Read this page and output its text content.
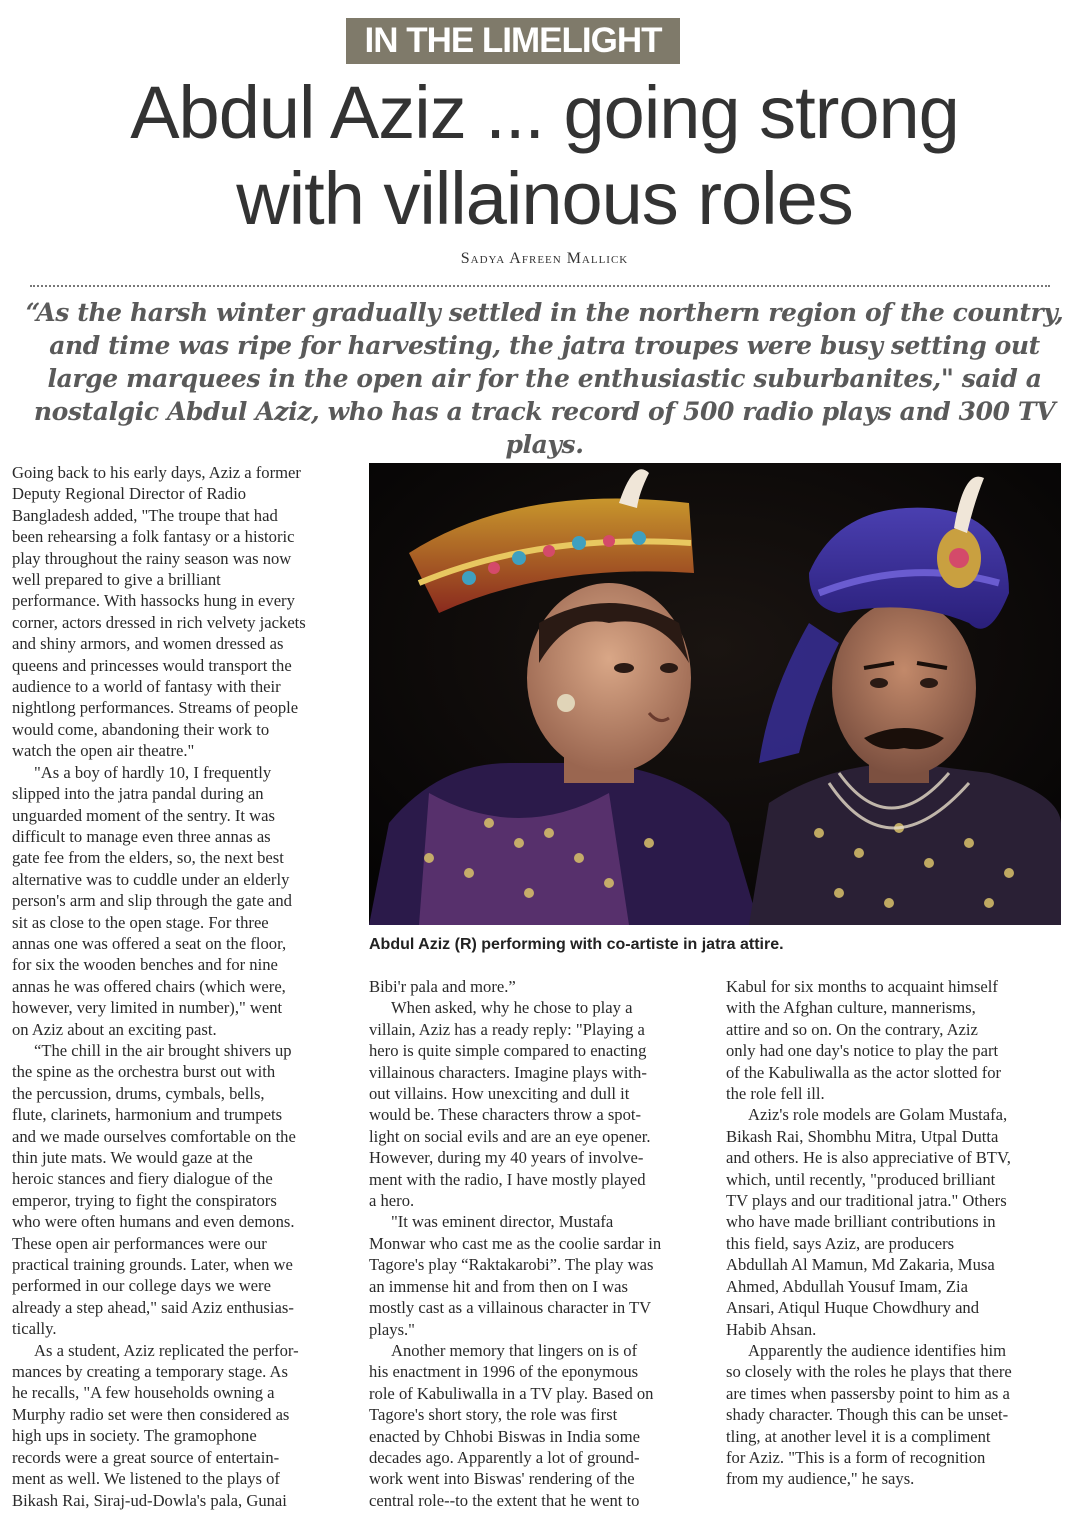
IN THE LIMELIGHT
Abdul Aziz ... going strong
with villainous roles
Sadya Afreen Mallick
“As the harsh winter gradually settled in the northern region of the country, and time was ripe for harvesting, the jatra troupes were busy setting out large marquees in the open air for the enthusiastic suburbanites," said a nostalgic Abdul Aziz, who has a track record of 500 radio plays and 300 TV plays.
Abdul Aziz (R) performing with co-artiste in jatra attire.
Going back to his early days, Aziz a former
Deputy Regional Director of Radio
Bangladesh added, "The troupe that had
been rehearsing a folk fantasy or a historic
play throughout the rainy season was now
well prepared to give a brilliant
performance. With hassocks hung in every
corner, actors dressed in rich velvety jackets
and shiny armors, and women dressed as
queens and princesses would transport the
audience to a world of fantasy with their
nightlong performances. Streams of people
would come, abandoning their work to
watch the open air theatre."
"As a boy of hardly 10, I frequently
slipped into the jatra pandal during an
unguarded moment of the sentry. It was
difficult to manage even three annas as
gate fee from the elders, so, the next best
alternative was to cuddle under an elderly
person's arm and slip through the gate and
sit as close to the open stage. For three
annas one was offered a seat on the floor,
for six the wooden benches and for nine
annas he was offered chairs (which were,
however, very limited in number)," went
on Aziz about an exciting past.
“The chill in the air brought shivers up
the spine as the orchestra burst out with
the percussion, drums, cymbals, bells,
flute, clarinets, harmonium and trumpets
and we made ourselves comfortable on the
thin jute mats. We would gaze at the
heroic stances and fiery dialogue of the
emperor, trying to fight the conspirators
who were often humans and even demons.
These open air performances were our
practical training grounds. Later, when we
performed in our college days we were
already a step ahead," said Aziz enthusias-
tically.
As a student, Aziz replicated the perfor-
mances by creating a temporary stage. As
he recalls, "A few households owning a
Murphy radio set were then considered as
high ups in society. The gramophone
records were a great source of entertain-
ment as well. We listened to the plays of
Bikash Rai, Siraj-ud-Dowla's pala, Gunai
Bibi'r pala and more.”
When asked, why he chose to play a
villain, Aziz has a ready reply: "Playing a
hero is quite simple compared to enacting
villainous characters. Imagine plays with-
out villains. How unexciting and dull it
would be. These characters throw a spot-
light on social evils and are an eye opener.
However, during my 40 years of involve-
ment with the radio, I have mostly played
a hero.
"It was eminent director, Mustafa
Monwar who cast me as the coolie sardar in
Tagore's play “Raktakarobi”. The play was
an immense hit and from then on I was
mostly cast as a villainous character in TV
plays."
Another memory that lingers on is of
his enactment in 1996 of the eponymous
role of Kabuliwalla in a TV play. Based on
Tagore's short story, the role was first
enacted by Chhobi Biswas in India some
decades ago. Apparently a lot of ground-
work went into Biswas' rendering of the
central role--to the extent that he went to
Kabul for six months to acquaint himself
with the Afghan culture, mannerisms,
attire and so on. On the contrary, Aziz
only had one day's notice to play the part
of the Kabuliwalla as the actor slotted for
the role fell ill.
Aziz's role models are Golam Mustafa,
Bikash Rai, Shombhu Mitra, Utpal Dutta
and others. He is also appreciative of BTV,
which, until recently, "produced brilliant
TV plays and our traditional jatra." Others
who have made brilliant contributions in
this field, says Aziz, are producers
Abdullah Al Mamun, Md Zakaria, Musa
Ahmed, Abdullah Yousuf Imam, Zia
Ansari, Atiqul Huque Chowdhury and
Habib Ahsan.
Apparently the audience identifies him
so closely with the roles he plays that there
are times when passersby point to him as a
shady character. Though this can be unset-
tling, at another level it is a compliment
for Aziz. "This is a form of recognition
from my audience," he says.
